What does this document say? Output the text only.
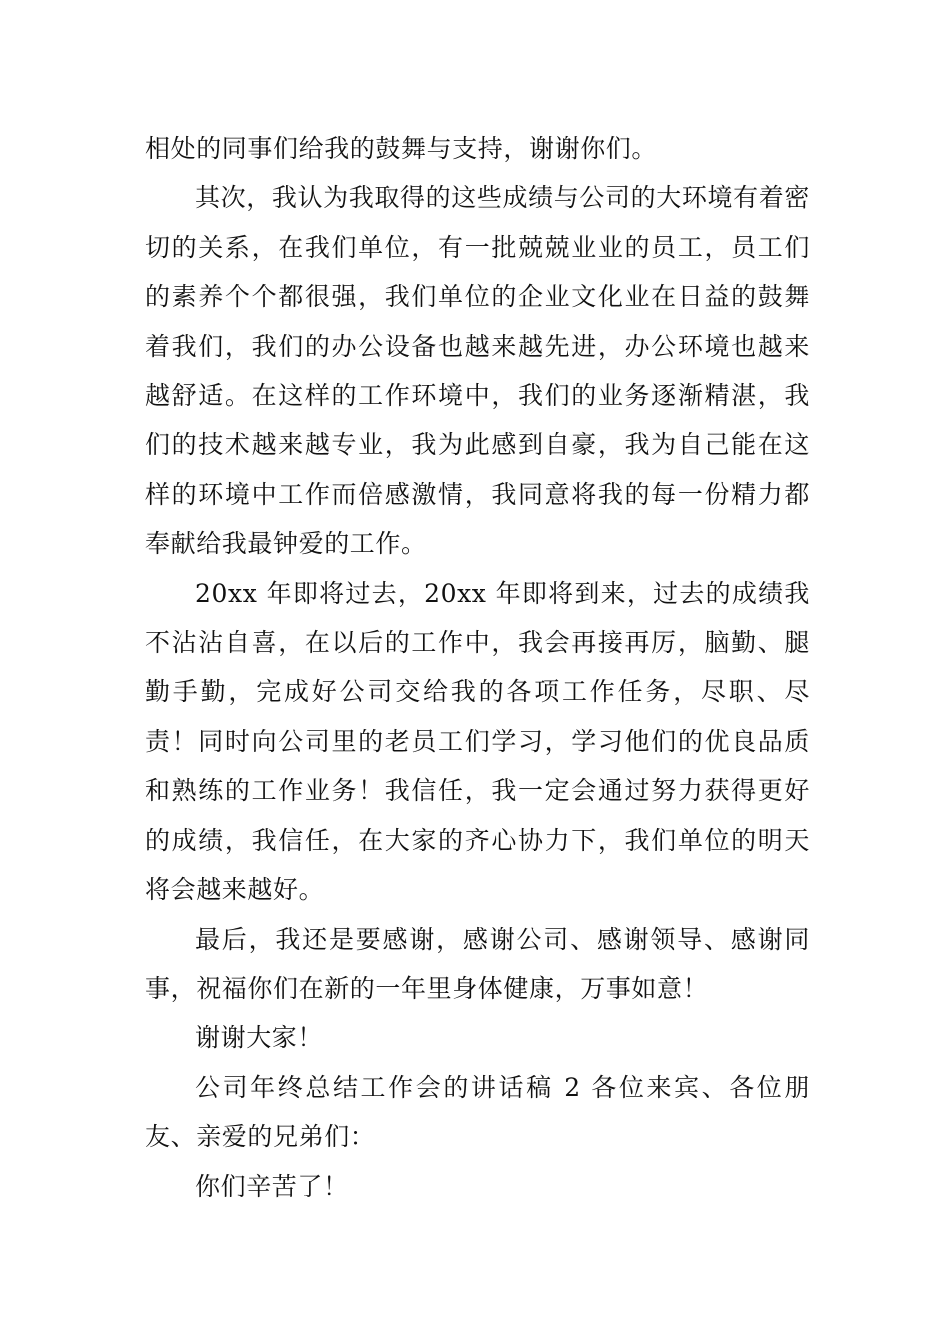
相处的同事们给我的鼓舞与支持，谢谢你们。

其次，我认为我取得的这些成绩与公司的大环境有着密切的关系，在我们单位，有一批兢兢业业的员工，员工们的素养个个都很强，我们单位的企业文化业在日益的鼓舞着我们，我们的办公设备也越来越先进，办公环境也越来越舒适。在这样的工作环境中，我们的业务逐渐精湛，我们的技术越来越专业，我为此感到自豪，我为自己能在这样的环境中工作而倍感激情，我同意将我的每一份精力都奉献给我最钟爱的工作。

20xx 年即将过去，20xx 年即将到来，过去的成绩我不沾沾自喜，在以后的工作中，我会再接再厉，脑勤、腿勤手勤，完成好公司交给我的各项工作任务，尽职、尽责！同时向公司里的老员工们学习，学习他们的优良品质和熟练的工作业务！我信任，我一定会通过努力获得更好的成绩，我信任，在大家的齐心协力下，我们单位的明天将会越来越好。

最后，我还是要感谢，感谢公司、感谢领导、感谢同事，祝福你们在新的一年里身体健康，万事如意！

谢谢大家！

公司年终总结工作会的讲话稿 2 各位来宾、各位朋友、亲爱的兄弟们：

你们辛苦了！
